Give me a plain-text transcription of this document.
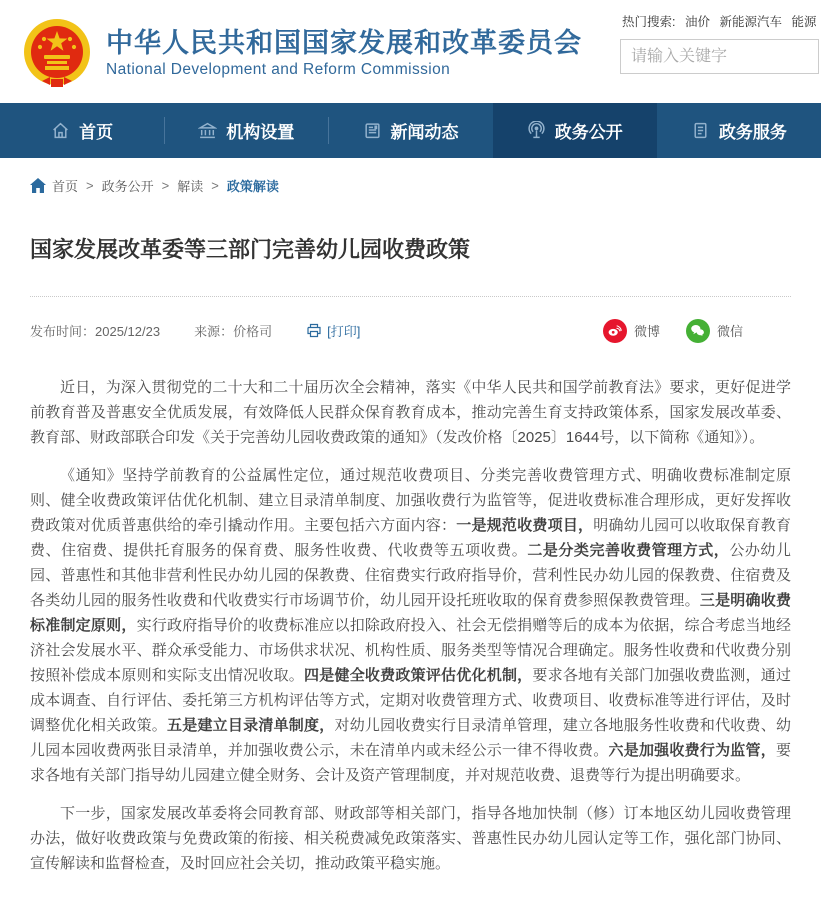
中华人民共和国国家发展和改革委员会
National Development and Reform Commission
热门搜索: 油价 新能源汽车 能源
请输入关键字
首页	机构设置	新闻动态	政务公开	政务服务
首页 > 政务公开 > 解读 > 政策解读
国家发展改革委等三部门完善幼儿园收费政策
发布时间：2025/12/23	来源：价格司	[打印]	微博	微信

近日，为深入贯彻党的二十大和二十届历次全会精神，落实《中华人民共和国学前教育法》要求，更好促进学前教育普及普惠安全优质发展，有效降低人民群众保育教育成本，推动完善生育支持政策体系，国家发展改革委、教育部、财政部联合印发《关于完善幼儿园收费政策的通知》（发改价格〔2025〕1644号，以下简称《通知》）。

《通知》坚持学前教育的公益属性定位，通过规范收费项目、分类完善收费管理方式、明确收费标准制定原则、健全收费政策评估优化机制、建立目录清单制度、加强收费行为监管等，促进收费标准合理形成，更好发挥收费政策对优质普惠供给的牵引撬动作用。主要包括六方面内容：一是规范收费项目，明确幼儿园可以收取保育教育费、住宿费、提供托育服务的保育费、服务性收费、代收费等五项收费。二是分类完善收费管理方式，公办幼儿园、普惠性和其他非营利性民办幼儿园的保教费、住宿费实行政府指导价，营利性民办幼儿园的保教费、住宿费及各类幼儿园的服务性收费和代收费实行市场调节价，幼儿园开设托班收取的保育费参照保教费管理。三是明确收费标准制定原则，实行政府指导价的收费标准应以扣除政府投入、社会无偿捐赠等后的成本为依据，综合考虑当地经济社会发展水平、群众承受能力、市场供求状况、机构性质、服务类型等情况合理确定。服务性收费和代收费分别按照补偿成本原则和实际支出情况收取。四是健全收费政策评估优化机制，要求各地有关部门加强收费监测，通过成本调查、自行评估、委托第三方机构评估等方式，定期对收费管理方式、收费项目、收费标准等进行评估，及时调整优化相关政策。五是建立目录清单制度，对幼儿园收费实行目录清单管理，建立各地服务性收费和代收费、幼儿园本园收费两张目录清单，并加强收费公示，未在清单内或未经公示一律不得收费。六是加强收费行为监管，要求各地有关部门指导幼儿园建立健全财务、会计及资产管理制度，并对规范收费、退费等行为提出明确要求。

下一步，国家发展改革委将会同教育部、财政部等相关部门，指导各地加快制（修）订本地区幼儿园收费管理办法，做好收费政策与免费政策的衔接、相关税费减免政策落实、普惠性民办幼儿园认定等工作，强化部门协同、宣传解读和监督检查，及时回应社会关切，推动政策平稳实施。
